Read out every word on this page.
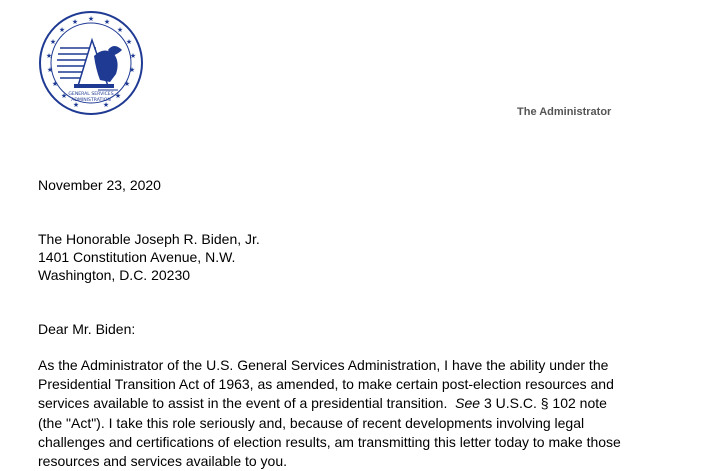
★
★	★
★	★
★	★
★	★
★	★
★	★
★	★
★	★
GENERAL SERVICES
ADMINISTRATION
The Administrator
November 23, 2020
The Honorable Joseph R. Biden, Jr.
1401 Constitution Avenue, N.W.
Washington, D.C. 20230
Dear Mr. Biden:
As the Administrator of the U.S. General Services Administration, I have the ability under the
Presidential Transition Act of 1963, as amended, to make certain post-election resources and
services available to assist in the event of a presidential transition. See 3 U.S.C. § 102 note
(the "Act"). I take this role seriously and, because of recent developments involving legal
challenges and certifications of election results, am transmitting this letter today to make those
resources and services available to you.
